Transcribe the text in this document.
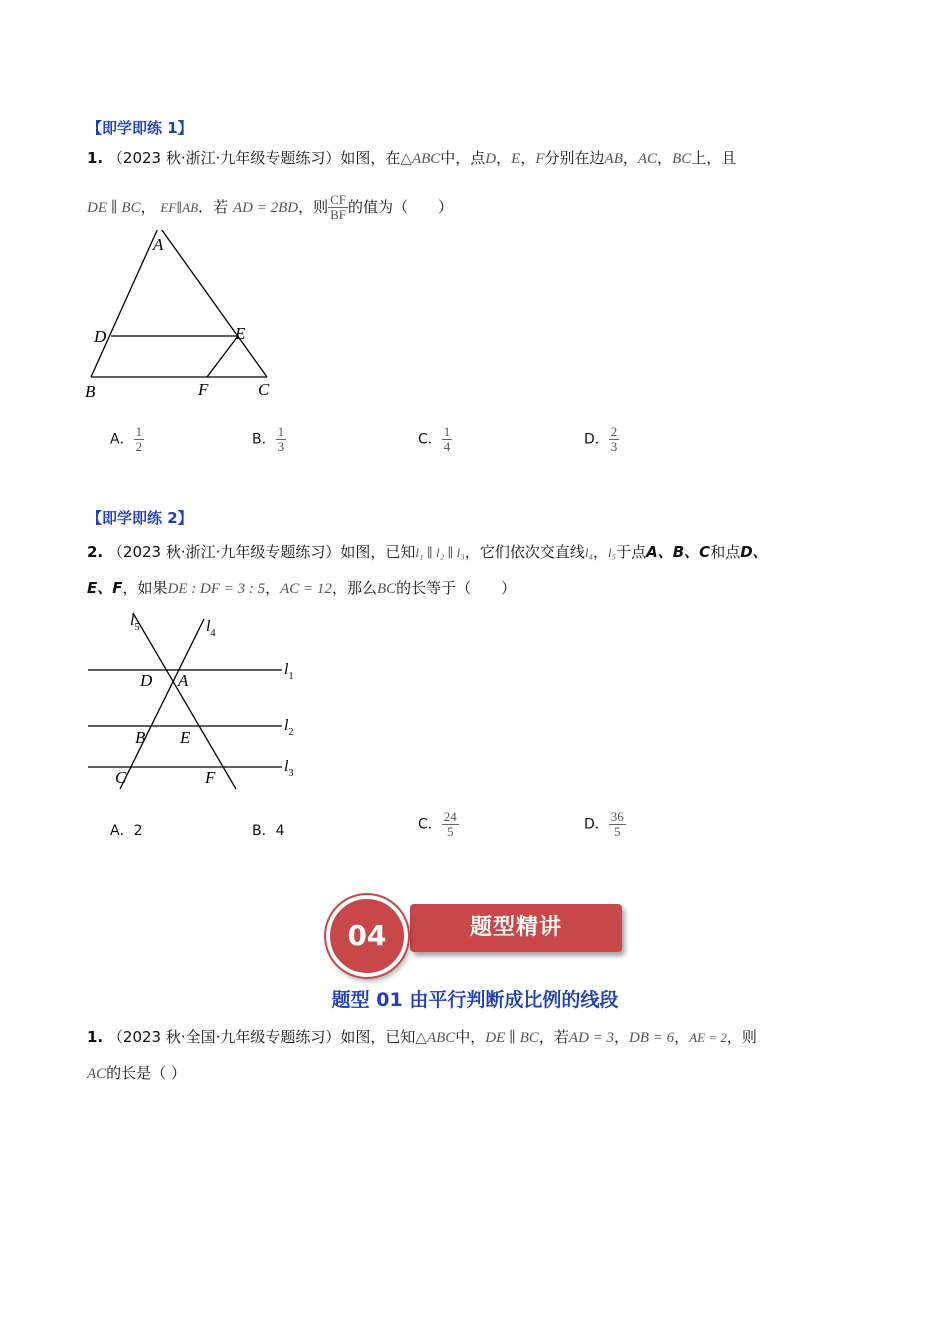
【即学即练 1】
1. （2023 秋·浙江·九年级专题练习）如图，在△ABC中，点D，E，F分别在边AB，AC，BC上，且
DE ∥ BC， EF∥AB．若 AD = 2BD，则 $\frac{CF}{BF}$ 的值为（　　）
A
D	E
B	F	C
A． $\frac{1}{2}$	B． $\frac{1}{3}$	C． $\frac{1}{4}$	D． $\frac{2}{3}$
【即学即练 2】
2. （2023 秋·浙江·九年级专题练习）如图，已知l₁ ∥ l₂ ∥ l₃，它们依次交直线l₄，l₅于点A、B、C和点D、
E、F，如果DE : DF = 3 : 5，AC = 12，那么BC的长等于（　　）
$l_5$	$l_4$
$l_1$
$l_2$
$l_3$
D A
B E
C	F
A．2	B．4	C． $\frac{24}{5}$	D． $\frac{36}{5}$
题型精讲
04
题型 01 由平行判断成比例的线段
1. （2023 秋·全国·九年级专题练习）如图，已知△ABC中，DE ∥ BC，若AD = 3，DB = 6，AE = 2，则
AC的长是（ ）
